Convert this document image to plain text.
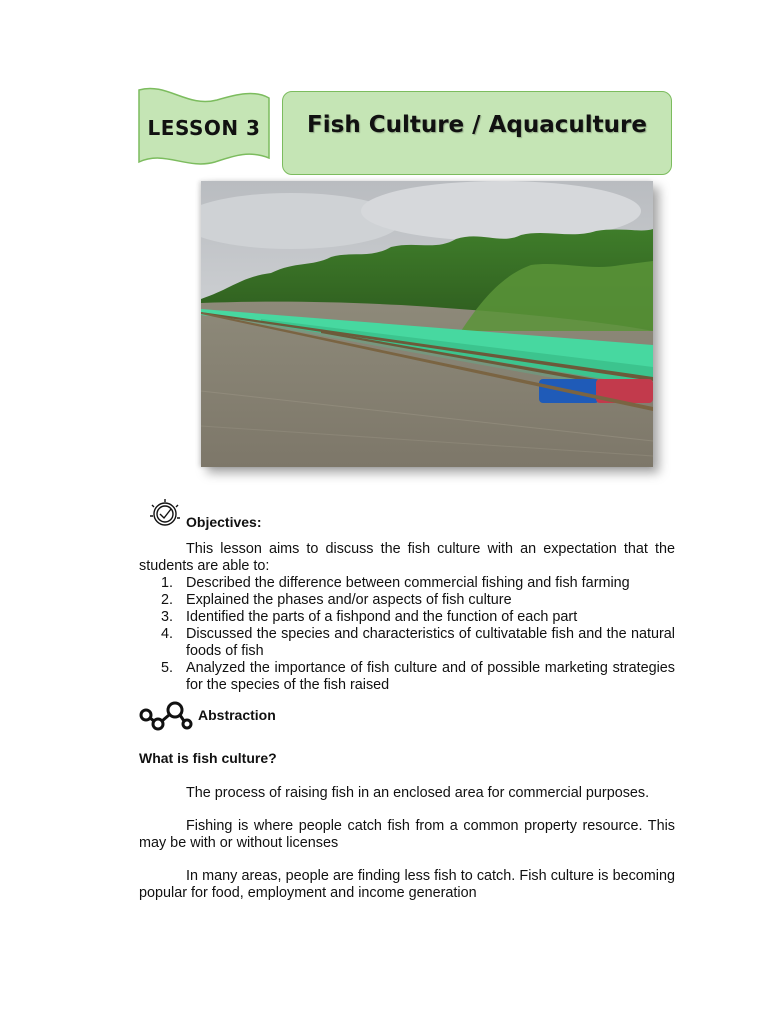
LESSON 3	Fish Culture / Aquaculture
Objectives:
This lesson aims to discuss the fish culture with an expectation that the students are able to:
1. Described the difference between commercial fishing and fish farming
2. Explained the phases and/or aspects of fish culture
3. Identified the parts of a fishpond and the function of each part
4. Discussed the species and characteristics of cultivatable fish and the natural foods of fish
5. Analyzed the importance of fish culture and of possible marketing strategies for the species of the fish raised
Abstraction
What is fish culture?
The process of raising fish in an enclosed area for commercial purposes.
Fishing is where people catch fish from a common property resource. This may be with or without licenses
In many areas, people are finding less fish to catch. Fish culture is becoming popular for food, employment and income generation
